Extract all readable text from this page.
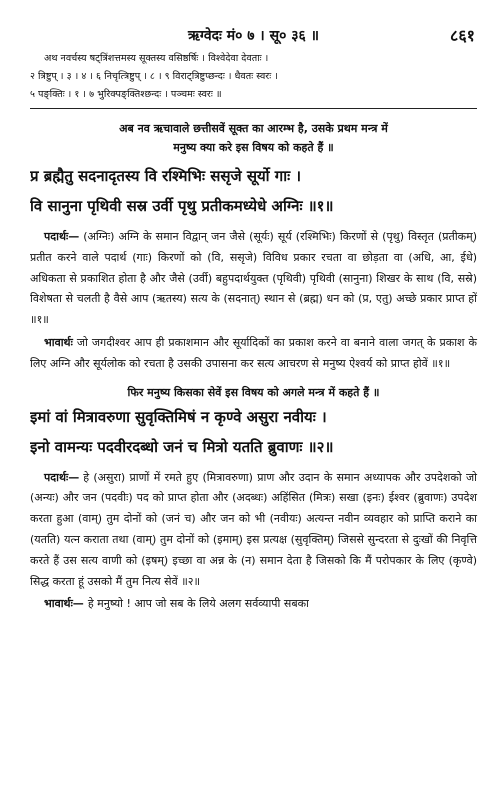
ऋग्वेदः मं० ७ । सू० ३६ ॥	८६१
अथ नवर्चस्य षट्त्रिंशत्तमस्य सूक्तस्य वसिष्ठर्षिः । विश्वेदेवा देवताः ।
२ त्रिष्टुप् । ३ । ४ । ६ निचृत्त्रिष्टुप् । ८ । ९ विराट्त्रिष्टुप्छन्दः । धैवतः स्वरः ।
५ पङ्क्तिः । १ । ७ भुरिक्पङ्क्तिश्छन्दः । पञ्चमः स्वरः ॥
अब नव ऋचावाले छत्तीसवें सूक्त का आरम्भ है, उसके प्रथम मन्त्र में
मनुष्य क्या करे इस विषय को कहते हैं ॥
प्र ब्रह्मैतु सदनादृतस्य वि रश्मिभिः ससृजे सूर्यो गाः ।
वि सानुना पृथिवी सस्र उर्वी पृथु प्रतीकमध्येधे अग्निः ॥१॥
पदार्थः— (अग्निः) अग्नि के समान विद्वान् जन जैसे (सूर्यः) सूर्य (रश्मिभिः) किरणों से (पृथु) विस्तृत (प्रतीकम्) प्रतीत करने वाले पदार्थ (गाः) किरणों को (वि, ससृजे) विविध प्रकार रचता वा छोड़ता वा (अधि, आ, ईधे) अधिकता से प्रकाशित होता है और जैसे (उर्वी) बहुपदार्थयुक्त (पृथिवी) पृथिवी (सानुना) शिखर के साथ (वि, सस्रे) विशेषता से चलती है वैसे आप (ऋतस्य) सत्य के (सदनात्) स्थान से (ब्रह्म) धन को (प्र, एतु) अच्छे प्रकार प्राप्त हों ॥१॥
भावार्थः जो जगदीश्वर आप ही प्रकाशमान और सूर्यादिकों का प्रकाश करने वा बनाने वाला जगत् के प्रकाश के लिए अग्नि और सूर्यलोक को रचता है उसकी उपासना कर सत्य आचरण से मनुष्य ऐश्वर्य को प्राप्त होवें ॥१॥
फिर मनुष्य किसका सेवें इस विषय को अगले मन्त्र में कहते हैं ॥
इमां वां मित्रावरुणा सुवृक्तिमिषं न कृण्वे असुरा नवीयः ।
इनो वामन्यः पदवीरदब्धो जनं च मित्रो यतति ब्रुवाणः ॥२॥
पदार्थः— हे (असुरा) प्राणों में रमते हुए (मित्रावरुणा) प्राण और उदान के समान अध्यापक और उपदेशको जो (अन्यः) और जन (पदवीः) पद को प्राप्त होता और (अदब्धः) अहिंसित (मित्रः) सखा (इनः) ईश्वर (ब्रुवाणः) उपदेश करता हुआ (वाम्) तुम दोनों को (जनं च) और जन को भी (नवीयः) अत्यन्त नवीन व्यवहार को प्राप्ति कराने का (यतति) यत्न कराता तथा (वाम्) तुम दोनों को (इमाम्) इस प्रत्यक्ष (सुवृक्तिम्) जिससे सुन्दरता से दुःखों की निवृत्ति करते हैं उस सत्य वाणी को (इषम्) इच्छा वा अन्न के (न) समान देता है जिसको कि मैं परोपकार के लिए (कृण्वे) सिद्ध करता हूं उसको मैं तुम नित्य सेवें ॥२॥
भावार्थः— हे मनुष्यो ! आप जो सब के लिये अलग सर्वव्यापी सबका
